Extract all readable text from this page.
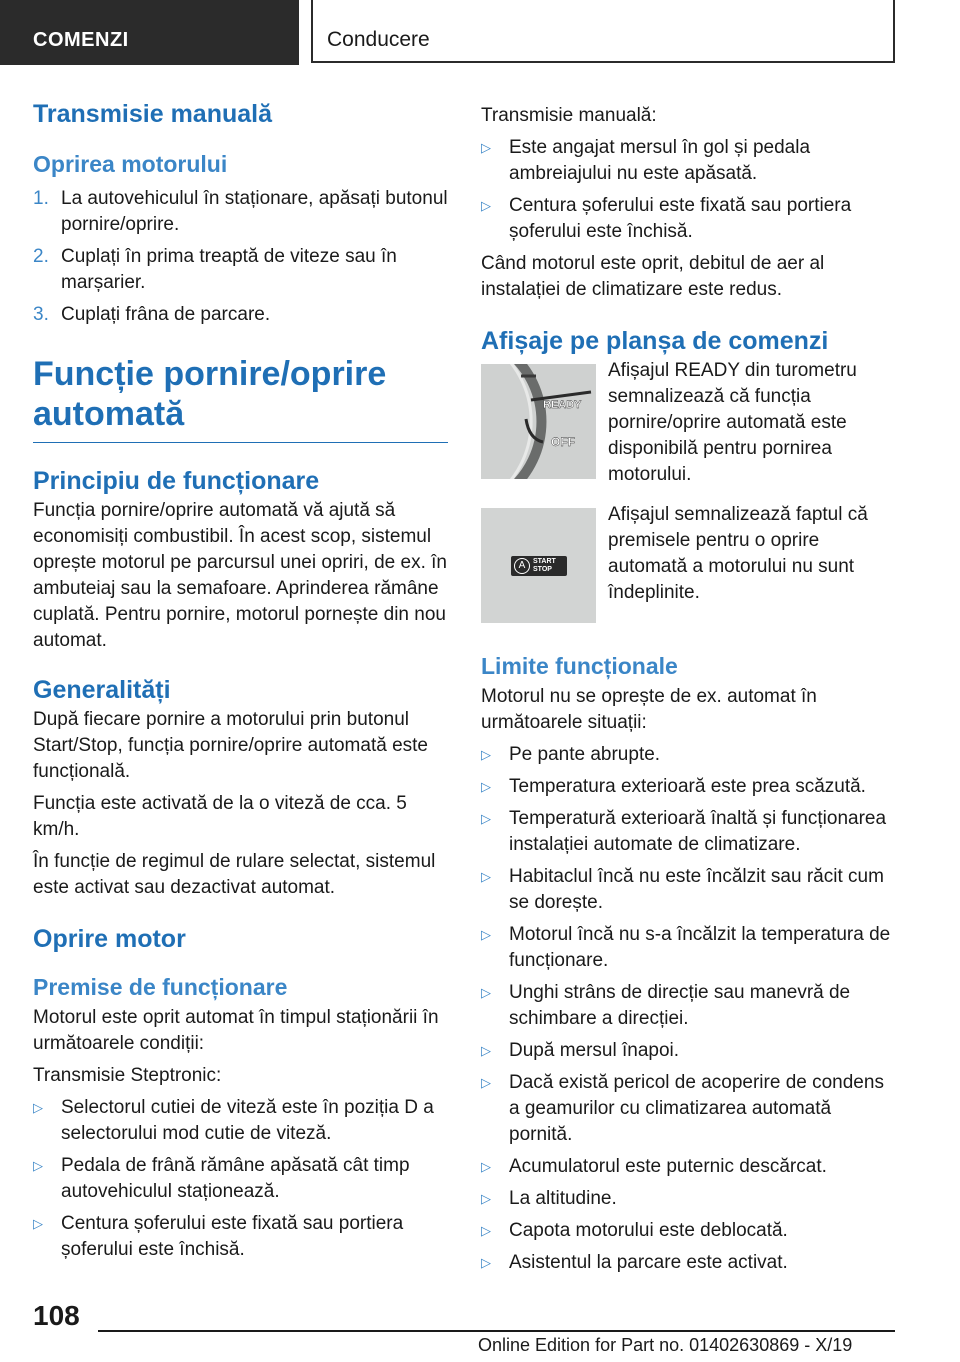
COMENZI	Conducere
Transmisie manuală
Oprirea motorului
1. La autovehiculul în staționare, apăsați butonul pornire/oprire.
2. Cuplați în prima treaptă de viteze sau în marșarier.
3. Cuplați frâna de parcare.
Funcție pornire/oprire automată
Principiu de funcționare

Funcția pornire/oprire automată vă ajută să economisiți combustibil. În acest scop, sistemul oprește motorul pe parcursul unei opriri, de ex. în ambuteiaj sau la semafoare. Aprinderea rămâne cuplată. Pentru pornire, motorul pornește din nou automat.

Generalități

După fiecare pornire a motorului prin butonul Start/Stop, funcția pornire/oprire automată este funcțională.

Funcția este activată de la o viteză de cca. 5 km/h.

În funcție de regimul de rulare selectat, sistemul este activat sau dezactivat automat.

Oprire motor
Premise de funcționare

Motorul este oprit automat în timpul staționării în următoarele condiții:

Transmisie Steptronic:

▷ Selectorul cutiei de viteză este în poziția D a selectorului mod cutie de viteză.
▷ Pedala de frână rămâne apăsată cât timp autovehiculul staționează.
▷ Centura șoferului este fixată sau portiera șoferului este închisă.

Transmisie manuală:

▷ Este angajat mersul în gol și pedala ambreiajului nu este apăsată.
▷ Centura șoferului este fixată sau portiera șoferului este închisă.

Când motorul este oprit, debitul de aer al instalației de climatizare este redus.

Afișaje pe planșa de comenzi
READY
OFF
Afișajul READY din turometru semnalizează că funcția pornire/oprire automată este disponibilă pentru pornirea motorului.
A	START
STOP
Afișajul semnalizează faptul că premisele pentru o oprire automată a motorului nu sunt îndeplinite.
Limite funcționale

Motorul nu se oprește de ex. automat în următoarele situații:

▷ Pe pante abrupte.
▷ Temperatura exterioară este prea scăzută.
▷ Temperatură exterioară înaltă și funcționarea instalației automate de climatizare.
▷ Habitaclul încă nu este încălzit sau răcit cum se dorește.
▷ Motorul încă nu s-a încălzit la temperatura de funcționare.
▷ Unghi strâns de direcție sau manevră de schimbare a direcției.
▷ După mersul înapoi.
▷ Dacă există pericol de acoperire de condens a geamurilor cu climatizarea automată pornită.
▷ Acumulatorul este puternic descărcat.
▷ La altitudine.
▷ Capota motorului este deblocată.
▷ Asistentul la parcare este activat.
108
Online Edition for Part no. 01402630869 - X/19
